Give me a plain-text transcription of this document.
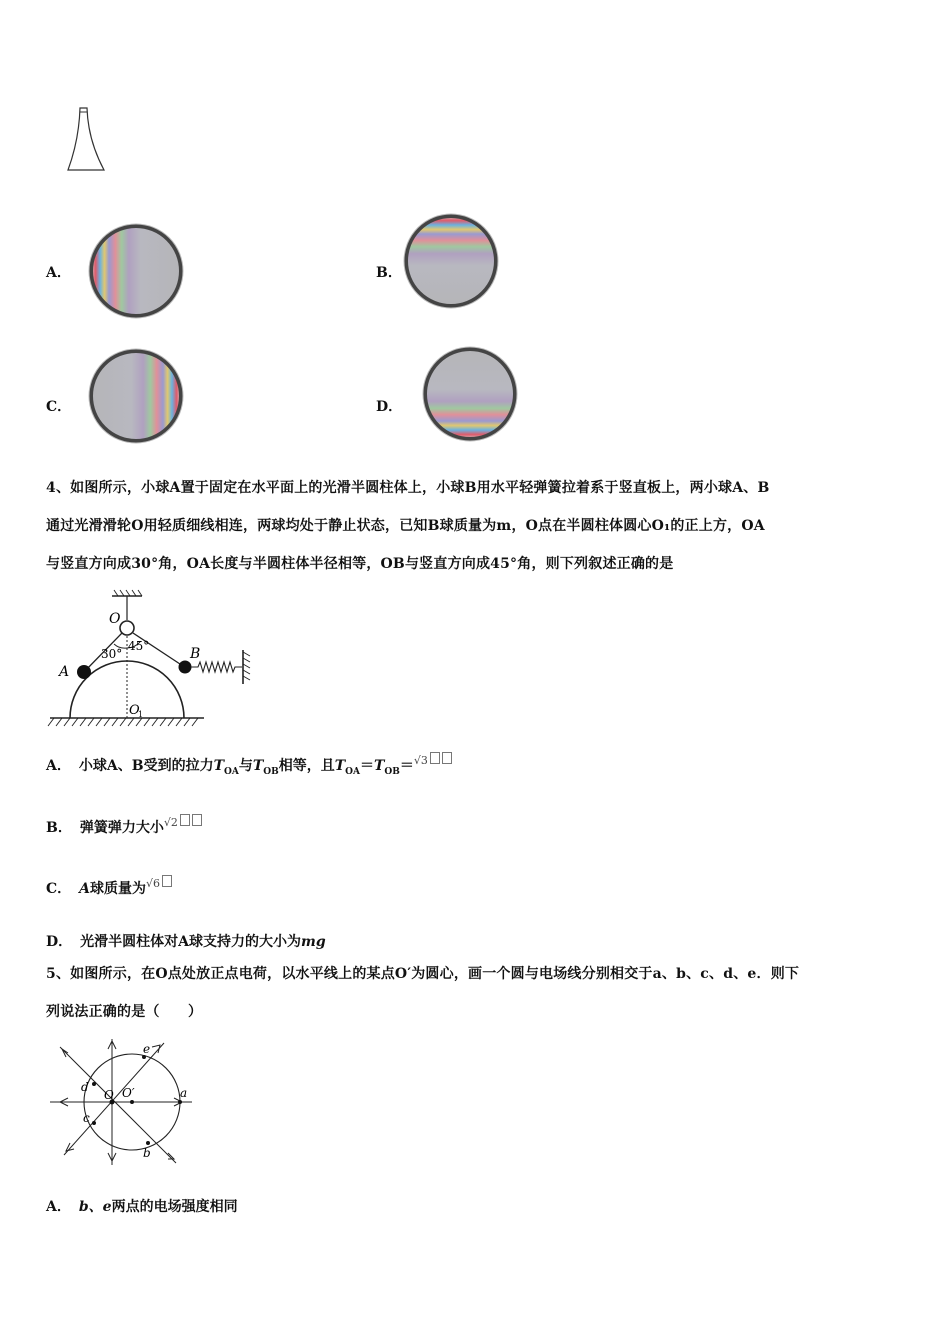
A．	B．
C．	D．
4、如图所示，小球A置于固定在水平面上的光滑半圆柱体上，小球B用水平轻弹簧拉着系于竖直板上，两小球A、B
通过光滑滑轮O用轻质细线相连，两球均处于静止状态，已知B球质量为m，O点在半圆柱体圆心O₁的正上方，OA
与竖直方向成30°角，OA长度与半圆柱体半径相等，OB与竖直方向成45°角，则下列叙述正确的是
O
1
O
30°
45°
A
B
A． 小球A、B受到的拉力$T_{OA}$与$T_{OB}$相等，且$T_{OA}=T_{OB}=^{√3}$
B． 弹簧弹力大小$^{√2}$
C． A球质量为$^{√6}$
D． 光滑半圆柱体对A球支持力的大小为mg
5、如图所示，在O点处放正点电荷，以水平线上的某点O′为圆心，画一个圆与电场线分别相交于a、b、c、d、e．则下
列说法正确的是（　　）
O O′	a
b
c
d
e
A． b、e两点的电场强度相同
